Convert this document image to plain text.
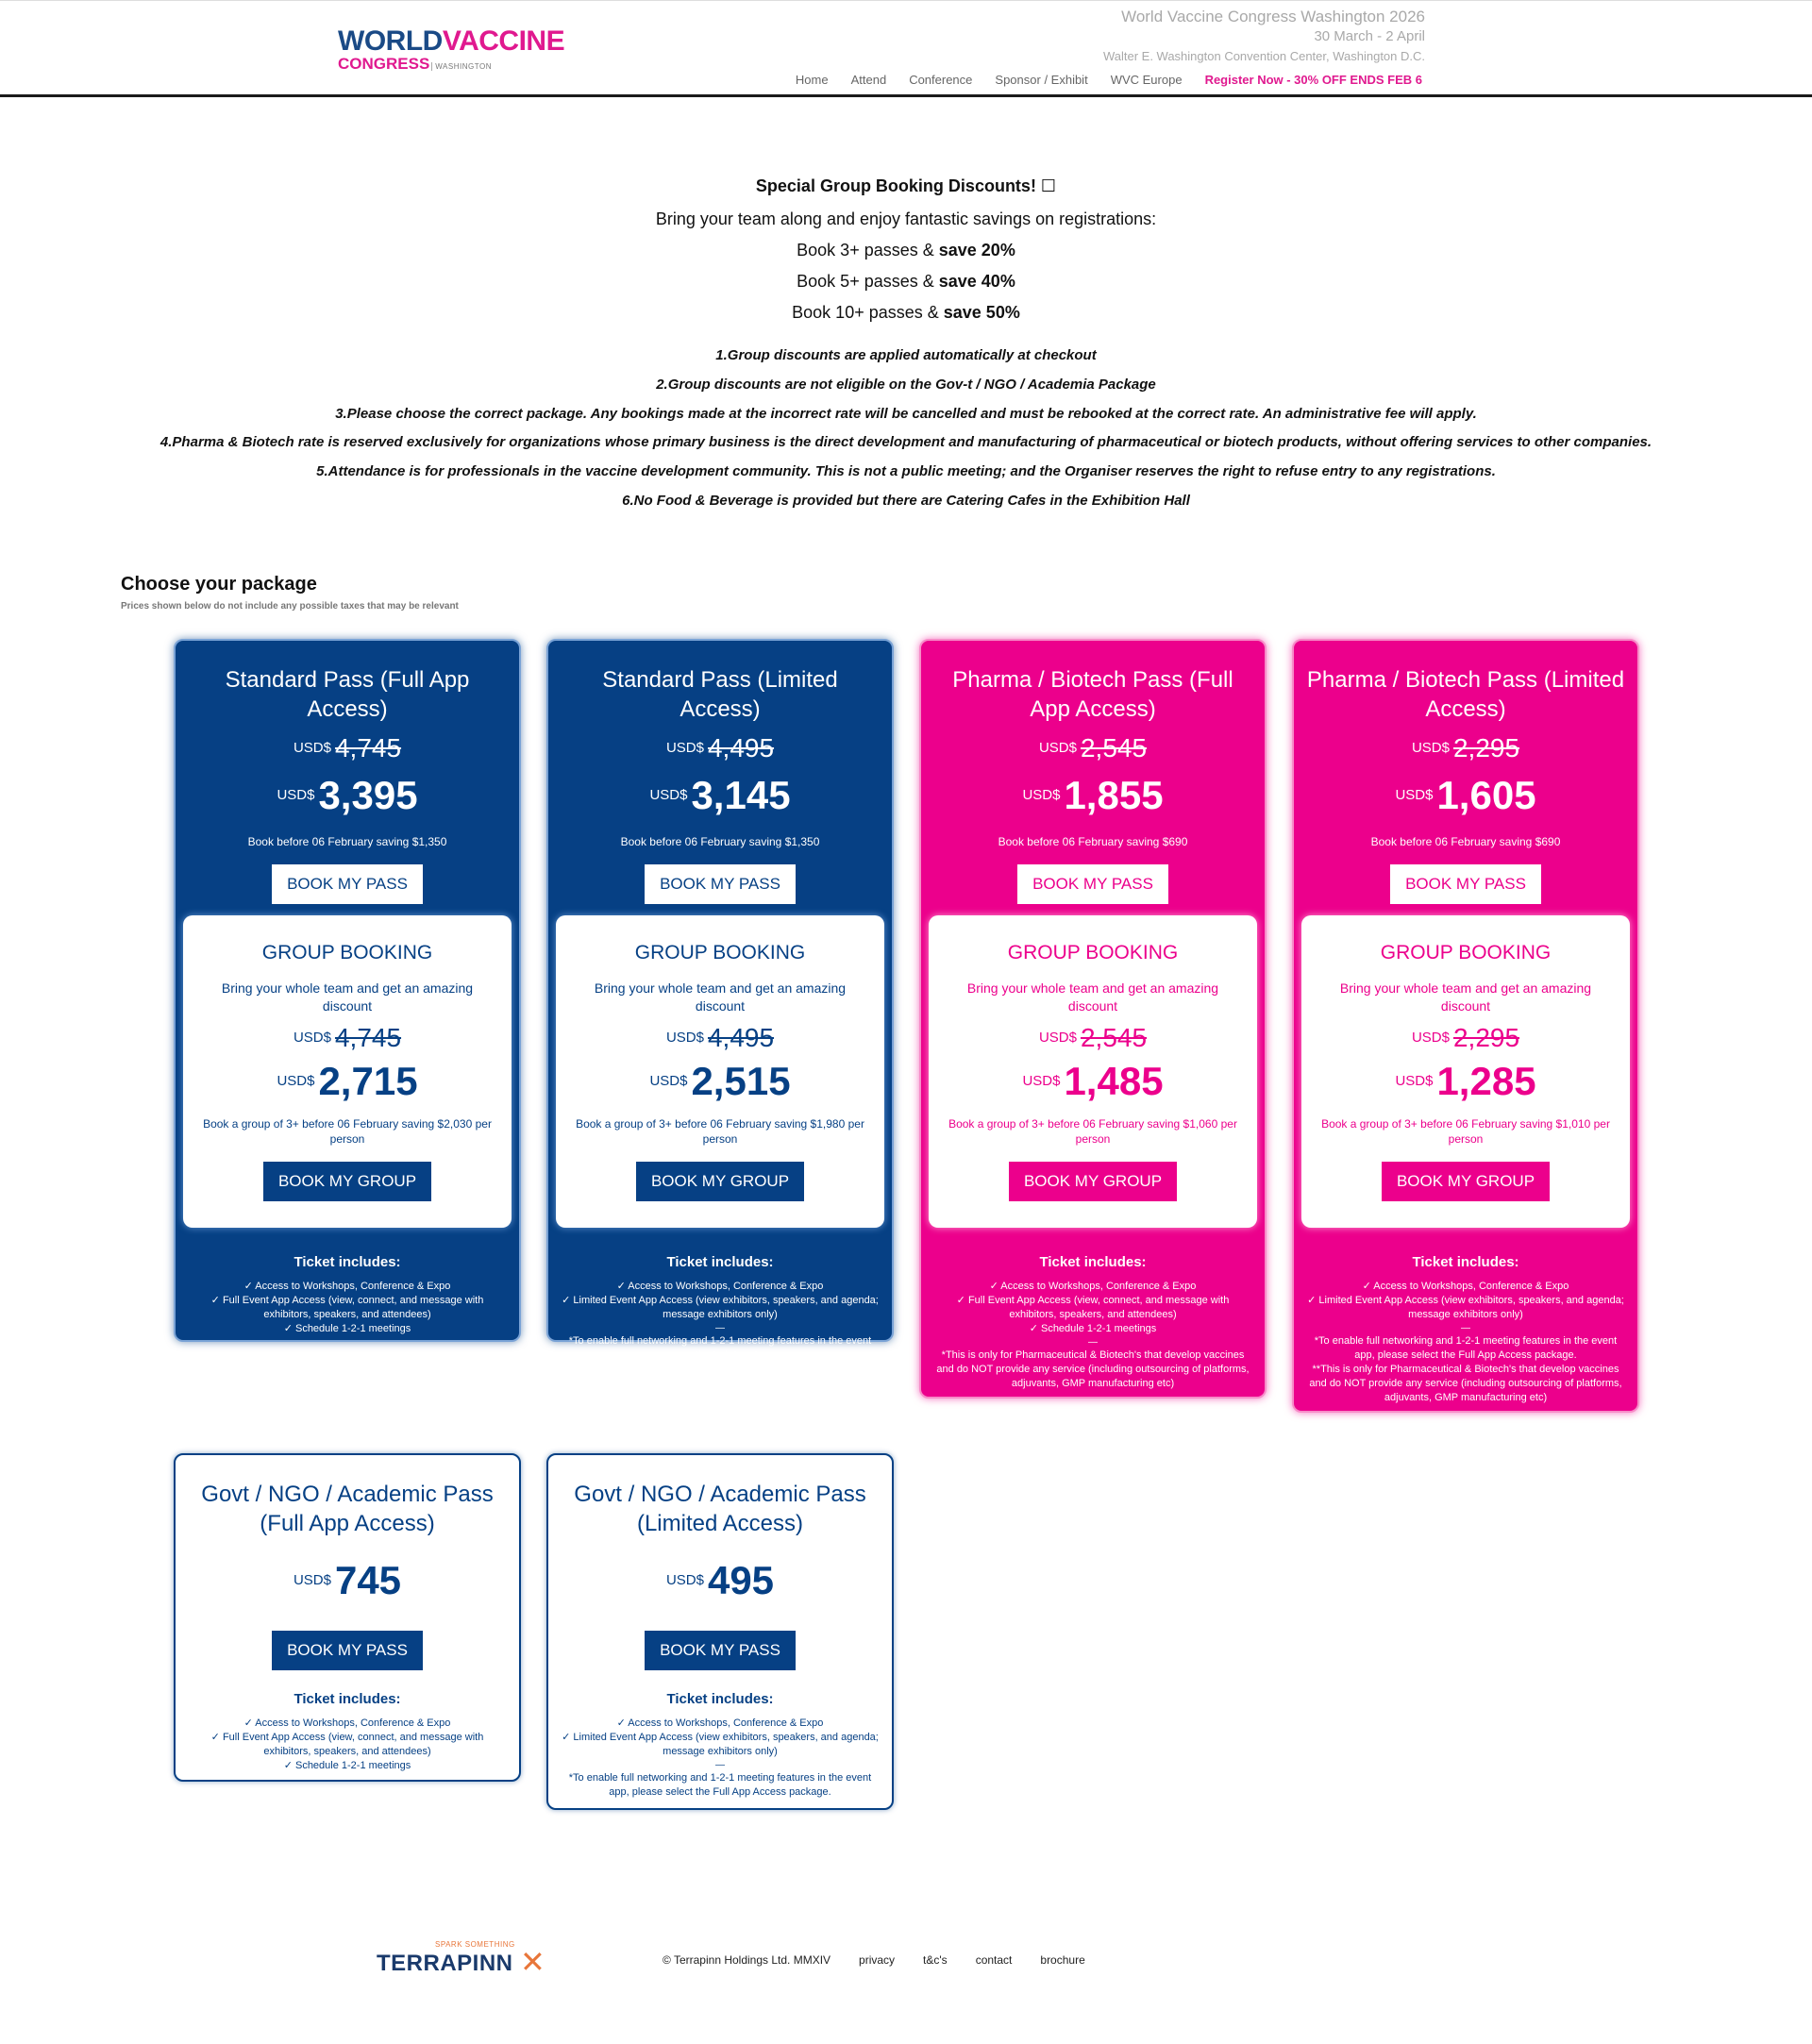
WORLDVACCINE
CONGRESS WASHINGTON
World Vaccine Congress Washington 2026
30 March - 2 April
Walter E. Washington Convention Center, Washington D.C.
Home Attend Conference Sponsor / Exhibit WVC Europe Register Now - 30% OFF ENDS FEB 6
Special Group Booking Discounts! ☐
Bring your team along and enjoy fantastic savings on registrations:
Book 3+ passes & save 20%
Book 5+ passes & save 40%
Book 10+ passes & save 50%
1.Group discounts are applied automatically at checkout
2.Group discounts are not eligible on the Gov-t / NGO / Academia Package
3.Please choose the correct package. Any bookings made at the incorrect rate will be cancelled and must be rebooked at the correct rate. An administrative fee will apply.
4.Pharma & Biotech rate is reserved exclusively for organizations whose primary business is the direct development and manufacturing of pharmaceutical or biotech products, without offering services to other companies.
5.Attendance is for professionals in the vaccine development community. This is not a public meeting; and the Organiser reserves the right to refuse entry to any registrations.
6.No Food & Beverage is provided but there are Catering Cafes in the Exhibition Hall
Choose your package
Prices shown below do not include any possible taxes that may be relevant
Standard Pass (Full App Access)
USD$ 4,745
USD$3,395
Book before 06 February saving $1,350
BOOK MY PASS
GROUP BOOKING
Bring your whole team and get an amazing discount
USD$ 4,745
USD$2,715
Book a group of 3+ before 06 February saving $2,030 per person
BOOK MY GROUP
Ticket includes:
✓ Access to Workshops, Conference & Expo
✓ Full Event App Access (view, connect, and message with exhibitors, speakers, and attendees)
✓ Schedule 1-2-1 meetings
Standard Pass (Limited Access)
USD$ 4,495
USD$3,145
Book before 06 February saving $1,350
BOOK MY PASS
GROUP BOOKING
Bring your whole team and get an amazing discount
USD$ 4,495
USD$2,515
Book a group of 3+ before 06 February saving $1,980 per person
BOOK MY GROUP
Ticket includes:
✓ Access to Workshops, Conference & Expo
✓ Limited Event App Access (view exhibitors, speakers, and agenda; message exhibitors only)
—
*To enable full networking and 1-2-1 meeting features in the event app, please select the Full App Access package.
Pharma / Biotech Pass (Full App Access)
USD$ 2,545
USD$1,855
Book before 06 February saving $690
BOOK MY PASS
GROUP BOOKING
Bring your whole team and get an amazing discount
USD$ 2,545
USD$1,485
Book a group of 3+ before 06 February saving $1,060 per person
BOOK MY GROUP
Ticket includes:
✓ Access to Workshops, Conference & Expo
✓ Full Event App Access (view, connect, and message with exhibitors, speakers, and attendees)
✓ Schedule 1-2-1 meetings
—
*This is only for Pharmaceutical & Biotech's that develop vaccines and do NOT provide any service (including outsourcing of platforms, adjuvants, GMP manufacturing etc)
Pharma / Biotech Pass (Limited Access)
USD$ 2,295
USD$1,605
Book before 06 February saving $690
BOOK MY PASS
GROUP BOOKING
Bring your whole team and get an amazing discount
USD$ 2,295
USD$1,285
Book a group of 3+ before 06 February saving $1,010 per person
BOOK MY GROUP
Ticket includes:
✓ Access to Workshops, Conference & Expo
✓ Limited Event App Access (view exhibitors, speakers, and agenda; message exhibitors only)
—
*To enable full networking and 1-2-1 meeting features in the event app, please select the Full App Access package.
**This is only for Pharmaceutical & Biotech's that develop vaccines and do NOT provide any service (including outsourcing of platforms, adjuvants, GMP manufacturing etc)
Govt / NGO / Academic Pass (Full App Access)
USD$745
BOOK MY PASS
Ticket includes:
✓ Access to Workshops, Conference & Expo
✓ Full Event App Access (view, connect, and message with exhibitors, speakers, and attendees)
✓ Schedule 1-2-1 meetings
Govt / NGO / Academic Pass (Limited Access)
USD$495
BOOK MY PASS
Ticket includes:
✓ Access to Workshops, Conference & Expo
✓ Limited Event App Access (view exhibitors, speakers, and agenda; message exhibitors only)
—
*To enable full networking and 1-2-1 meeting features in the event app, please select the Full App Access package.
SPARK SOMETHING
TERRAPINN ✕	© Terrapinn Holdings Ltd. MMXIV	privacy	t&c's	contact	brochure
